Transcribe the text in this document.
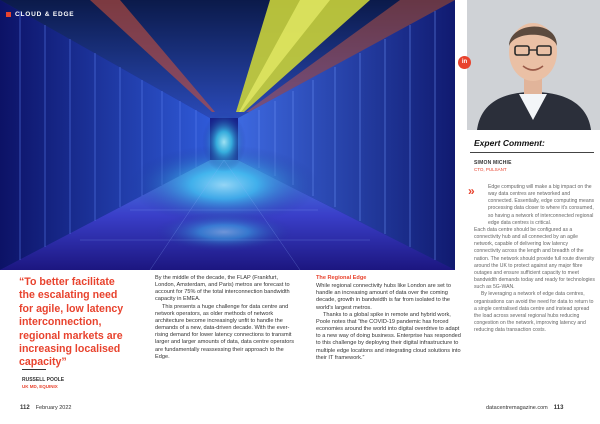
CLOUD & EDGE
in
Expert Comment:
SIMON MICHIE
CTO, PULSANT
»	Edge computing will make a big impact on the way data centres are networked and connected. Essentially, edge computing means processing data closer to where it's consumed, so having a network of interconnected regional edge data centres is critical.

Each data centre should be configured as a connectivity hub and all connected by an agile network, capable of delivering low latency connectivity across the length and breadth of the nation. The network should provide full route diversity around the UK to protect against any major fibre outages and ensure sufficient capacity to meet bandwidth demands today and ready for technologies such as 5G-WAN.

By leveraging a network of edge data centres, organisations can avoid the need for data to return to a single centralised data centre and instead spread the load across several regional hubs reducing congestion on the network, improving latency and reducing data transaction costs.

“To better facilitate the escalating need for agile, low latency interconnection, regional markets are increasing localised capacity”

RUSSELL POOLE
UK MD, EQUINIX

By the middle of the decade, the FLAP (Frankfurt, London, Amsterdam, and Paris) metros are forecast to account for 75% of the total interconnection bandwidth capacity in EMEA.

This presents a huge challenge for data centre and network operators, as older methods of network architecture become increasingly unfit to handle the demands of a new, data-driven decade. With the ever-rising demand for lower latency connections to transmit larger and larger amounts of data, data centre operators are fundamentally reassessing their approach to the Edge.

The Regional Edge

While regional connectivity hubs like London are set to handle an increasing amount of data over the coming decade, growth in bandwidth is far from isolated to the world's largest metros.

Thanks to a global spike in remote and hybrid work, Poole notes that “the COVID-19 pandemic has forced economies around the world into digital overdrive to adapt to a new way of doing business. Enterprise has responded to this challenge by deploying their digital infrastructure to multiple edge locations and integrating cloud solutions into their IT framework.”

112 February 2022	datacentremagazine.com 113
